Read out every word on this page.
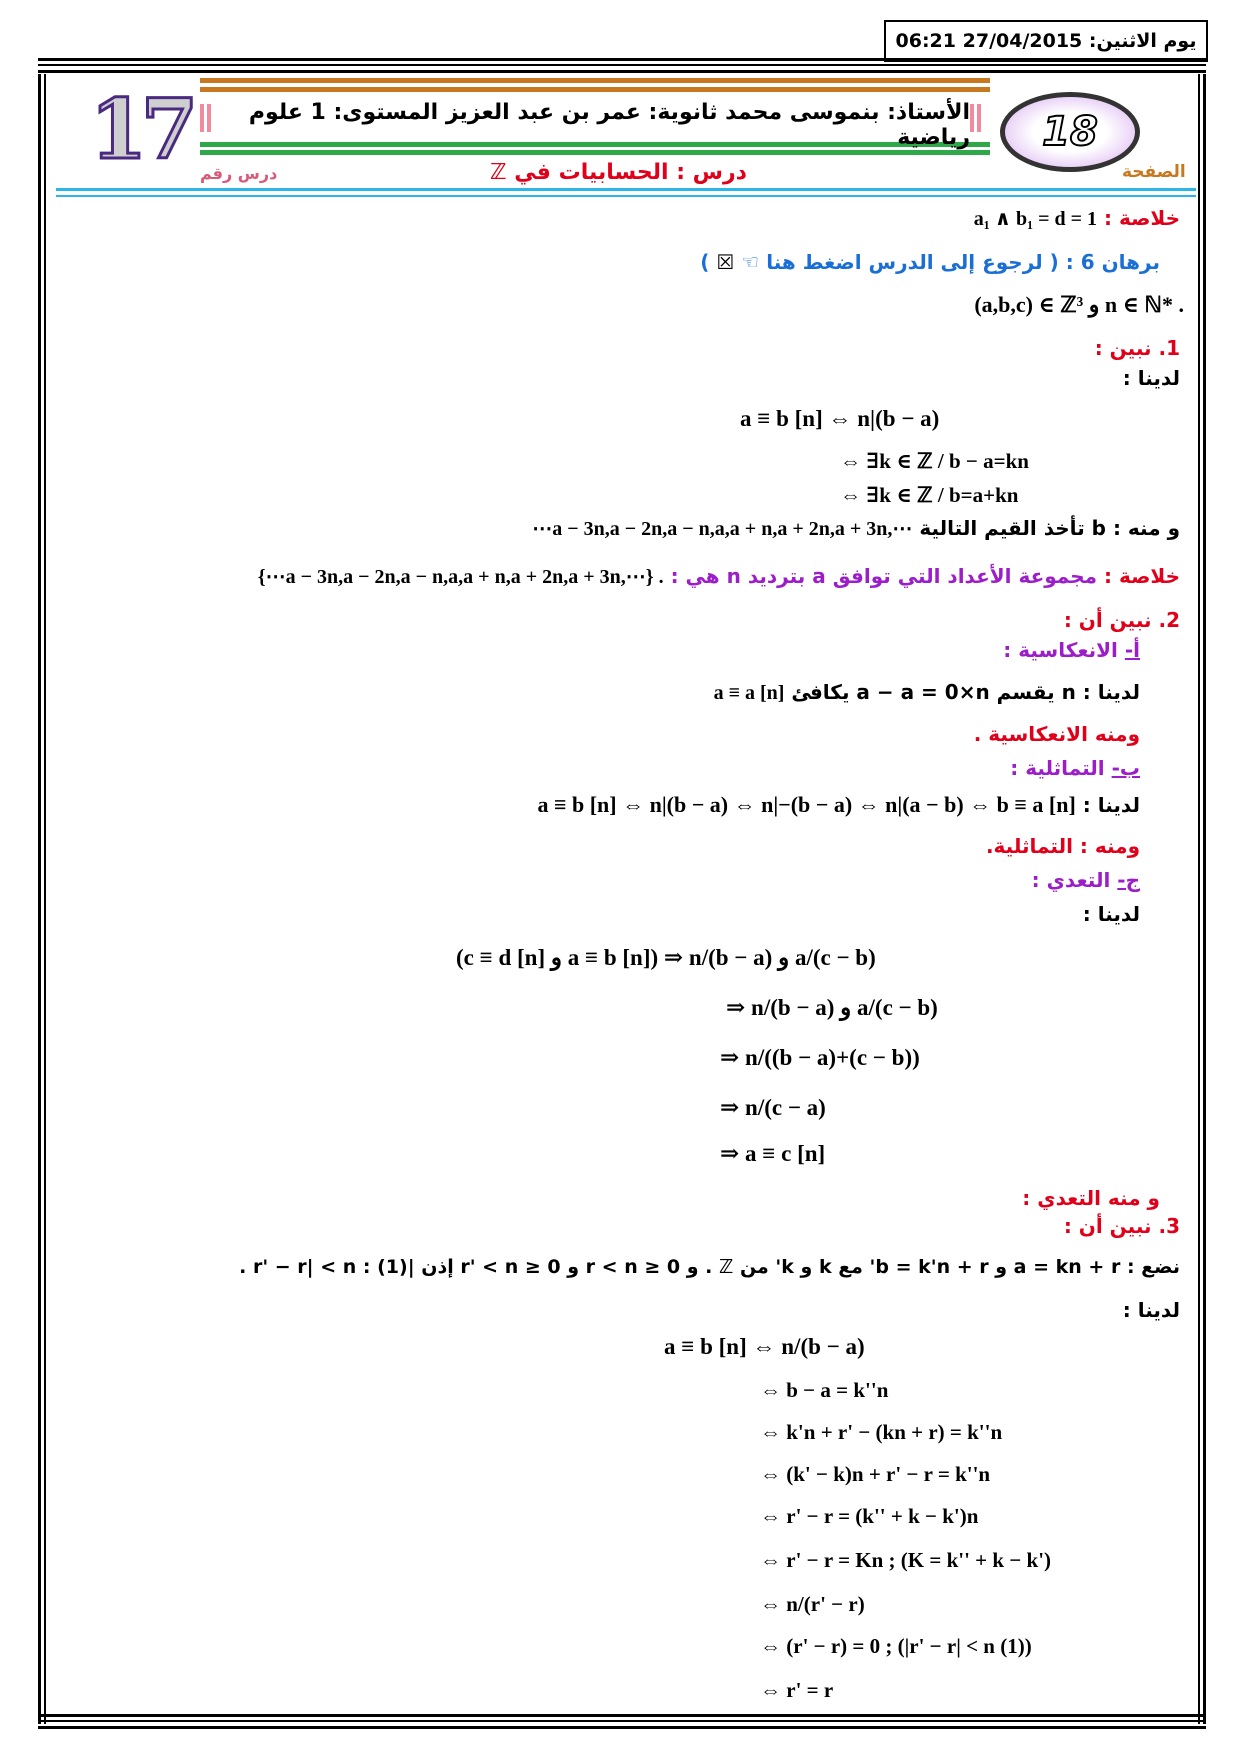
يوم الاثنين: 27/04/2015 06:21
الأستاذ: بنموسى محمد ثانوية: عمر بن عبد العزيز المستوى: 1 علوم رياضية 18
الصفحة
17 درس رقم	درس : الحسابيات في ℤ
خلاصة : a₁ ∧ b₁ = d = 1
برهان 6 : ( لرجوع إلى الدرس اضغط هنا ☜ ☒ )
(a,b,c) ∈ ℤ³ و n ∈ ℕ* .
1. نبين :
لدينا :
a ≡ b [n] ⇔ n|(b − a)
⇔ ∃k ∈ ℤ / b − a=kn
⇔ ∃k ∈ ℤ / b=a+kn
و منه : b تأخذ القيم التالية ⋯a − 3n,a − 2n,a − n,a,a + n,a + 2n,a + 3n,⋯
خلاصة : مجموعة الأعداد التي توافق a بترديد n هي : {⋯a − 3n,a − 2n,a − n,a,a + n,a + 2n,a + 3n,⋯} .
2. نبين أن :
أ‌- الانعكاسية :
لدينا : n يقسم a − a = 0×n يكافئ a ≡ a [n]
ومنه الانعكاسية .
ب‌- التماثلية :
لدينا : a ≡ b [n] ⇔ n|(b − a) ⇔ n|−(b − a) ⇔ n|(a − b) ⇔ b ≡ a [n]
ومنه : التماثلية.
ج‌- التعدي :
لدينا :
(c ≡ d [n] و a ≡ b [n]) ⇒ n/(b − a) و a/(c − b)
⇒ n/(b − a) و a/(c − b)
⇒ n/((b − a)+(c − b))
⇒ n/(c − a)
⇒ a ≡ c [n]
و منه التعدي :
3. نبين أن :
نضع : a = kn + r و b = k'n + r' مع k و k' من ℤ . و 0 ≤ r < n و 0 ≤ r' < n إذن |r' − r| < n : (1) .
لدينا :
a ≡ b [n] ⇔ n/(b − a)
⇔ b − a = k''n
⇔ k'n + r' − (kn + r) = k''n
⇔ (k' − k)n + r' − r = k''n
⇔ r' − r = (k'' + k − k')n
⇔ r' − r = Kn ; (K = k'' + k − k')
⇔ n/(r' − r)
⇔ (r' − r) = 0 ; (|r' − r| < n (1))
⇔ r' = r
